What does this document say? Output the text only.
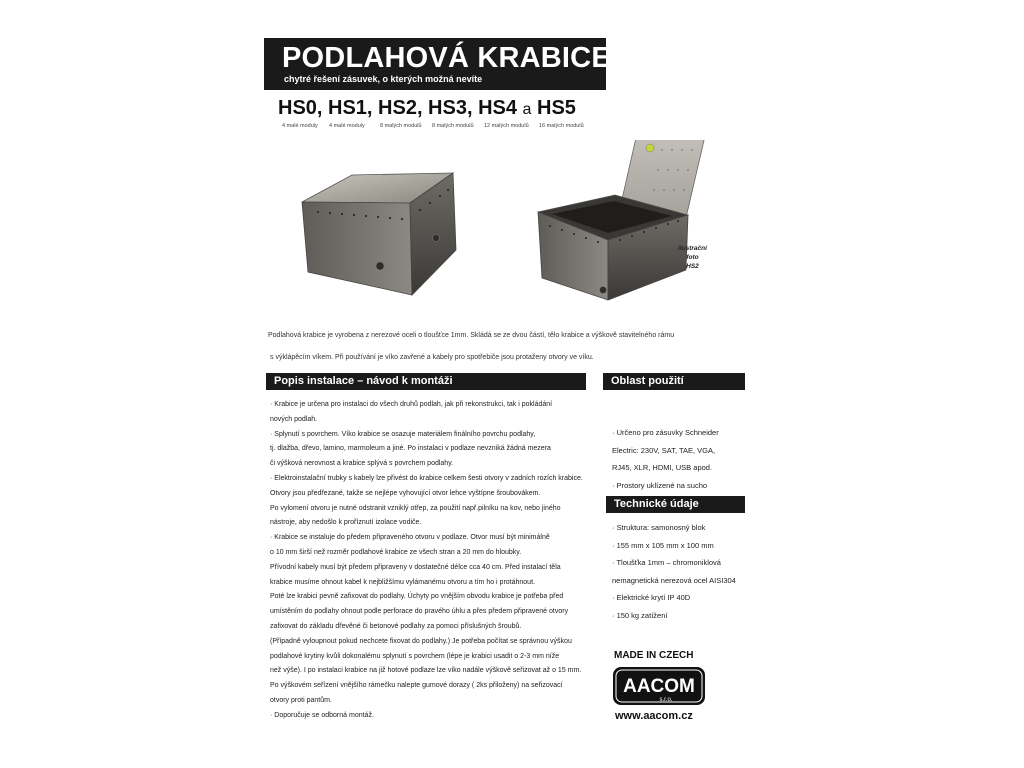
PODLAHOVÁ KRABICE
chytré řešení zásuvek, o kterých možná nevíte
HS0, HS1, HS2, HS3, HS4 a HS5
4 malé moduly 4 malé moduly	8 malých modulů 8 malých modulů 12 malých modulů 16 malých modulů
ilustrační
foto
HS2
Podlahová krabice je vyrobena z nerezové oceli o tloušťce 1mm. Skládá se ze dvou částí, tělo krabice a výškově stavitelného rámu
s výklápěcím víkem. Při používání je víko zavřené a kabely pro spotřebiče jsou protaženy otvory ve víku.
Popis instalace – návod k montáži
· Krabice je určena pro instalaci do všech druhů podlah, jak při rekonstrukci, tak i pokládání
nových podlah.
· Splynutí s povrchem. Víko krabice se osazuje materiálem finálního povrchu podlahy,
tj. dlažba, dřevo, lamino, marmoleum a jiné. Po instalaci v podlaze nevzniká žádná mezera
či výšková nerovnost a krabice splývá s povrchem podlahy.
· Elektroinstalační trubky s kabely lze přivést do krabice celkem šesti otvory v zadních rozích krabice.
Otvory jsou předřezané, takže se nejlépe vyhovující otvor lehce vyštípne šroubovákem.
Po vylomení otvoru je nutné odstranit vzniklý otřep, za použití např.pilníku na kov, nebo jiného
nástroje, aby nedošlo k proříznutí izolace vodiče.
· Krabice se instaluje do předem připraveného otvoru v podlaze. Otvor musí být minimálně
o 10 mm širší než rozměr podlahové krabice ze všech stran a 20 mm do hloubky.
Přívodní kabely musí být předem připraveny v dostatečné délce cca 40 cm. Před instalací těla
krabice musíme ohnout kabel k nejbližšímu vylámanému otvoru a tím ho i protáhnout.
Poté lze krabici pevně zafixovat do podlahy. Úchyty po vnějším obvodu krabice je potřeba před
umístěním do podlahy ohnout podle perforace do pravého úhlu a přes předem připravené otvory
zafixovat do základu dřevěné či betonové podlahy za pomoci příslušných šroubů.
(Případně vyloupnout pokud nechcete fixovat do podlahy.) Je potřeba počítat se správnou výškou
podlahové krytiny kvůli dokonalému splynutí s povrchem (lépe je krabici usadit o 2-3 mm níže
než výše). I po instalaci krabice na již hotové podlaze lze víko nadále výškově seřizovat až o 15 mm.
Po výškovém seřízení vnějšího rámečku nalepte gumové dorazy ( 2ks přiloženy) na seřizovací
otvory proti pantům.
· Doporučuje se odborná montáž.
Oblast použití
· Určeno pro zásuvky Schneider
Electric: 230V, SAT, TAE, VGA,
RJ45, XLR, HDMI, USB apod.
· Prostory uklízené na sucho
Technické údaje
· Struktura: samonosný blok
· 155 mm x 105 mm x 100 mm
· Tloušťka 1mm – chromoniklová
nemagnetická nerezová ocel AISI304
· Elektrické krytí IP 40D
· 150 kg zatížení
MADE IN CZECH
AACOM
s.r.o.
www.aacom.cz
